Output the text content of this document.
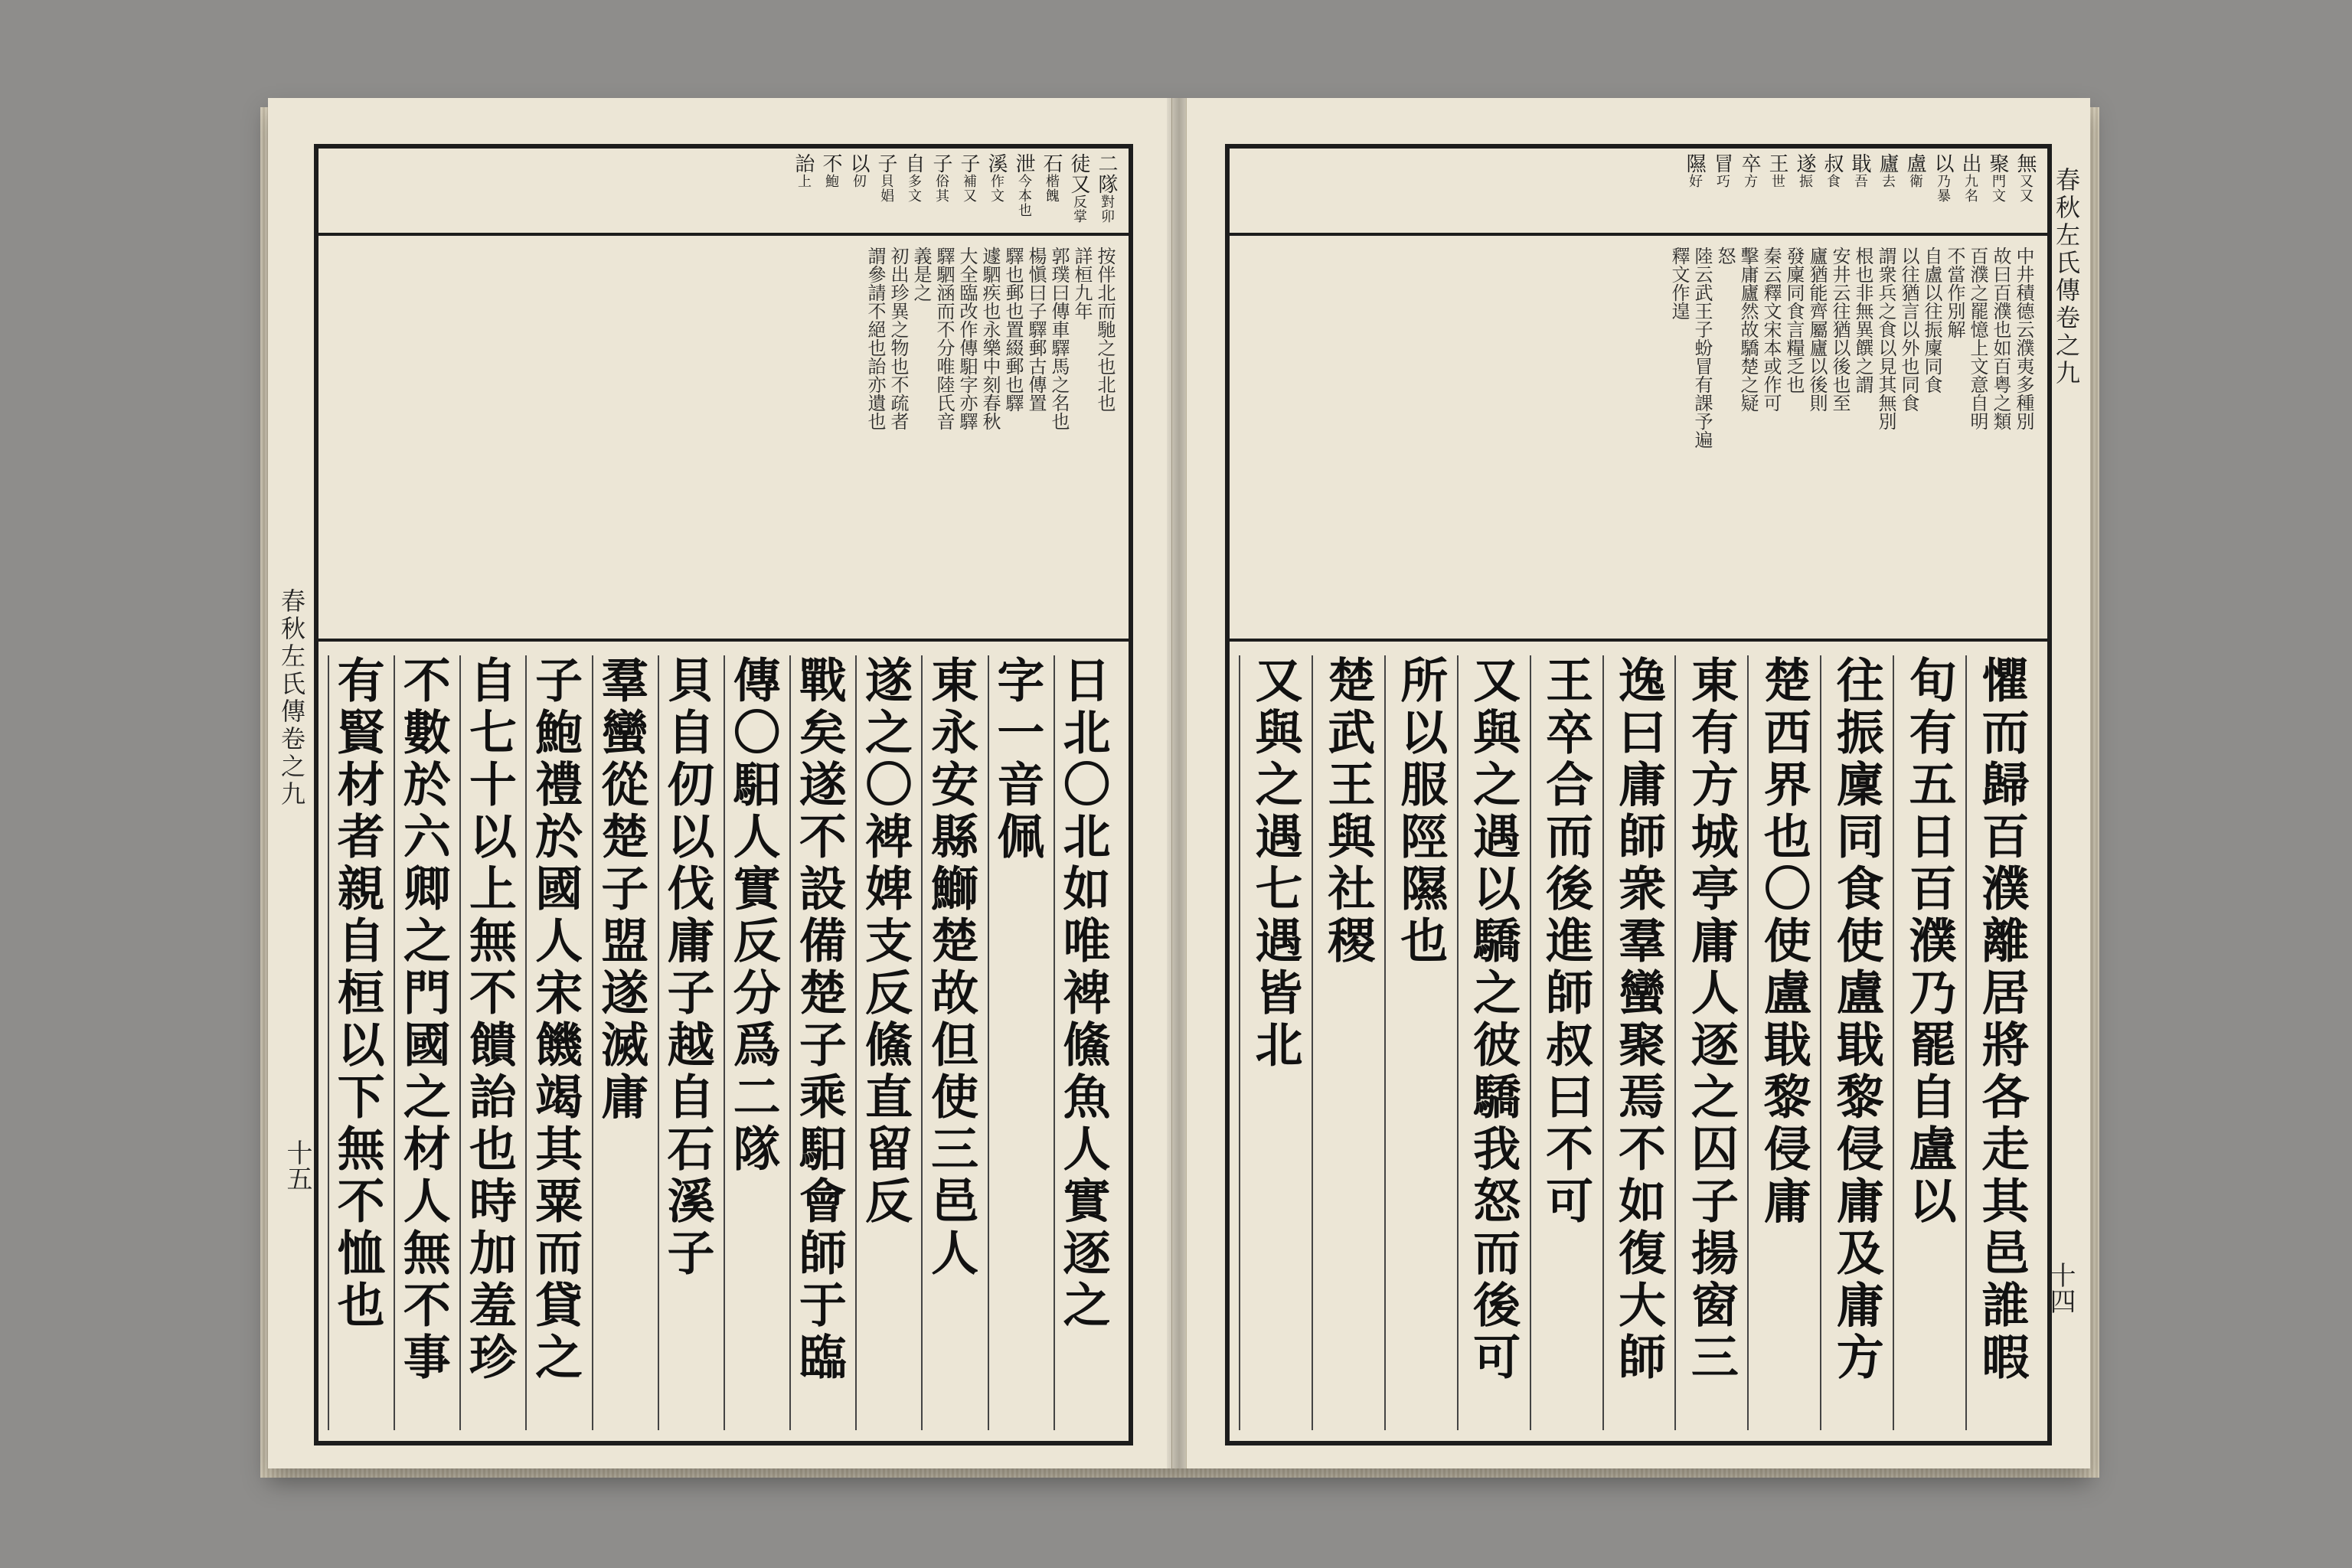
春秋左氏傳卷之九
十五
二隊對卯
徒又反掌
石楷餽
泄今本也
溪作文
子補又
子俗其
自多文
子貝娼
以仞
不鮑
詒上
按伴北而馳之也北也
詳桓九年
郭璞曰傳車驛馬之名也
楊愼曰子驛郵古傳置
驛也郵也置綴郵也驛
遽駟疾也永樂中刻春秋
大全臨改作傳馹字亦驛
驛駟涵而不分唯陸氏音
義是之
初出珍異之物也不疏者
謂參請不絕也詒亦遺也
日北〇北如唯裨鯈魚人實逐之
字一音佩
東永安縣鰤楚故但使三邑人
遂之〇裨婢支反鯈直留反
戰矣遂不設備楚子乘馹會師于臨
傳〇馹人實反分爲二隊
貝自仞以伐庸子越自石溪子
羣蠻從楚子盟遂滅庸
子鮑禮於國人宋饑竭其粟而貸之
自七十以上無不饋詒也時加羞珍
不數於六卿之門國之材人無不事
有賢材者親自桓以下無不恤也
春秋左氏傳卷之九
十四
無又又
聚門文
出九名
以乃暴
盧衛
廬去
戢吾
叔食
遂振
王世
卒方
冒巧
隰好
中井積德云濮夷多種別
故曰百濮也如百粤之類
百濮之罷憶上文意自明
不當作別解
自盧以往振廩同食
以往猶言以外也同食
謂衆兵之食以見其無別
根也非無異饌之謂
安井云往猶以後也至
廬猶能齊屬廬以後則
發廩同食言糧乏也
秦云釋文宋本或作可
擊庸廬然故驕楚之疑
怒
陸云武王子蚡冒有課予遍
釋文作遑
懼而歸百濮離居將各走其邑誰暇
旬有五日百濮乃罷自盧以
往振廩同食使盧戢黎侵庸及庸方
楚西界也〇使盧戢黎侵庸
東有方城亭庸人逐之囚子揚窗三
逸曰庸師衆羣蠻聚焉不如復大師
王卒合而後進師叔曰不可
又與之遇以驕之彼驕我怒而後可
所以服陘隰也
楚武王與社稷
又與之遇七遇皆北
